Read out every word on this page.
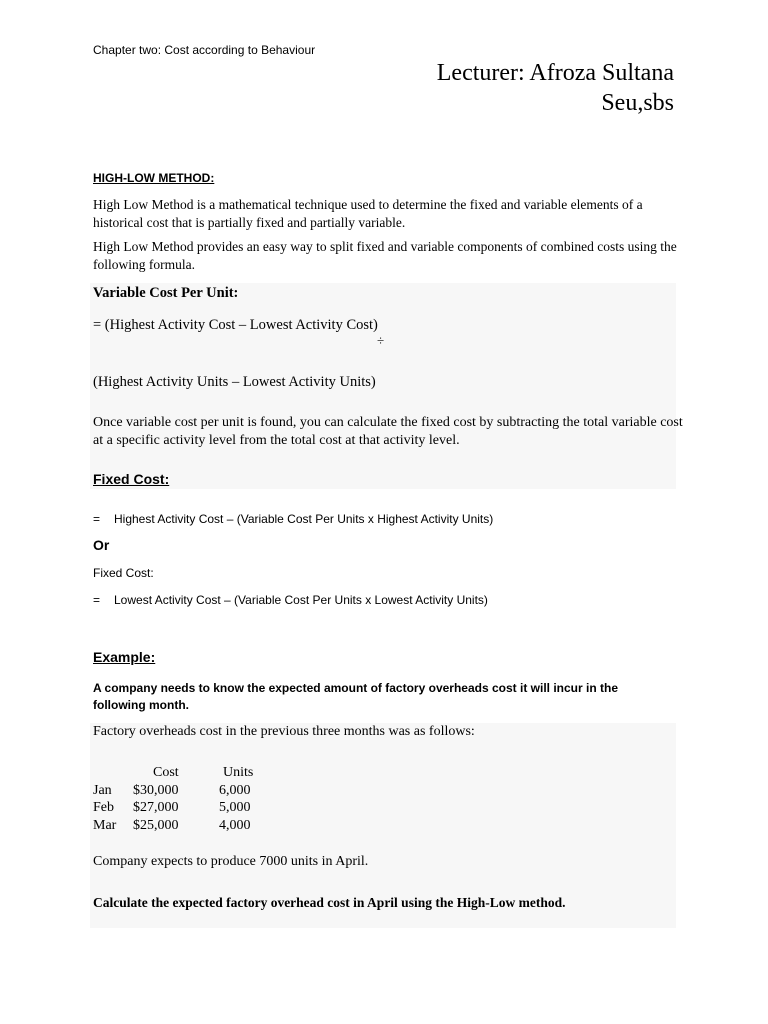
Chapter two: Cost according to Behaviour
Lecturer: Afroza Sultana
Seu,sbs
HIGH-LOW METHOD:
High Low Method is a mathematical technique used to determine the fixed and variable elements of a historical cost that is partially fixed and partially variable.
High Low Method provides an easy way to split fixed and variable components of combined costs using the following formula.
Variable Cost Per Unit:
= (Highest Activity Cost – Lowest Activity Cost)
÷
(Highest Activity Units – Lowest Activity Units)
Once variable cost per unit is found, you can calculate the fixed cost by subtracting the total variable cost at a specific activity level from the total cost at that activity level.
Fixed Cost:
= Highest Activity Cost – (Variable Cost Per Units x Highest Activity Units)
Or
Fixed Cost:
= Lowest Activity Cost – (Variable Cost Per Units x Lowest Activity Units)
Example:
A company needs to know the expected amount of factory overheads cost it will incur in the following month.
Factory overheads cost in the previous three months was as follows:
	Cost	Units
Jan	$30,000	6,000
Feb	$27,000	5,000
Mar	$25,000	4,000
Company expects to produce 7000 units in April.
Calculate the expected factory overhead cost in April using the High-Low method.
